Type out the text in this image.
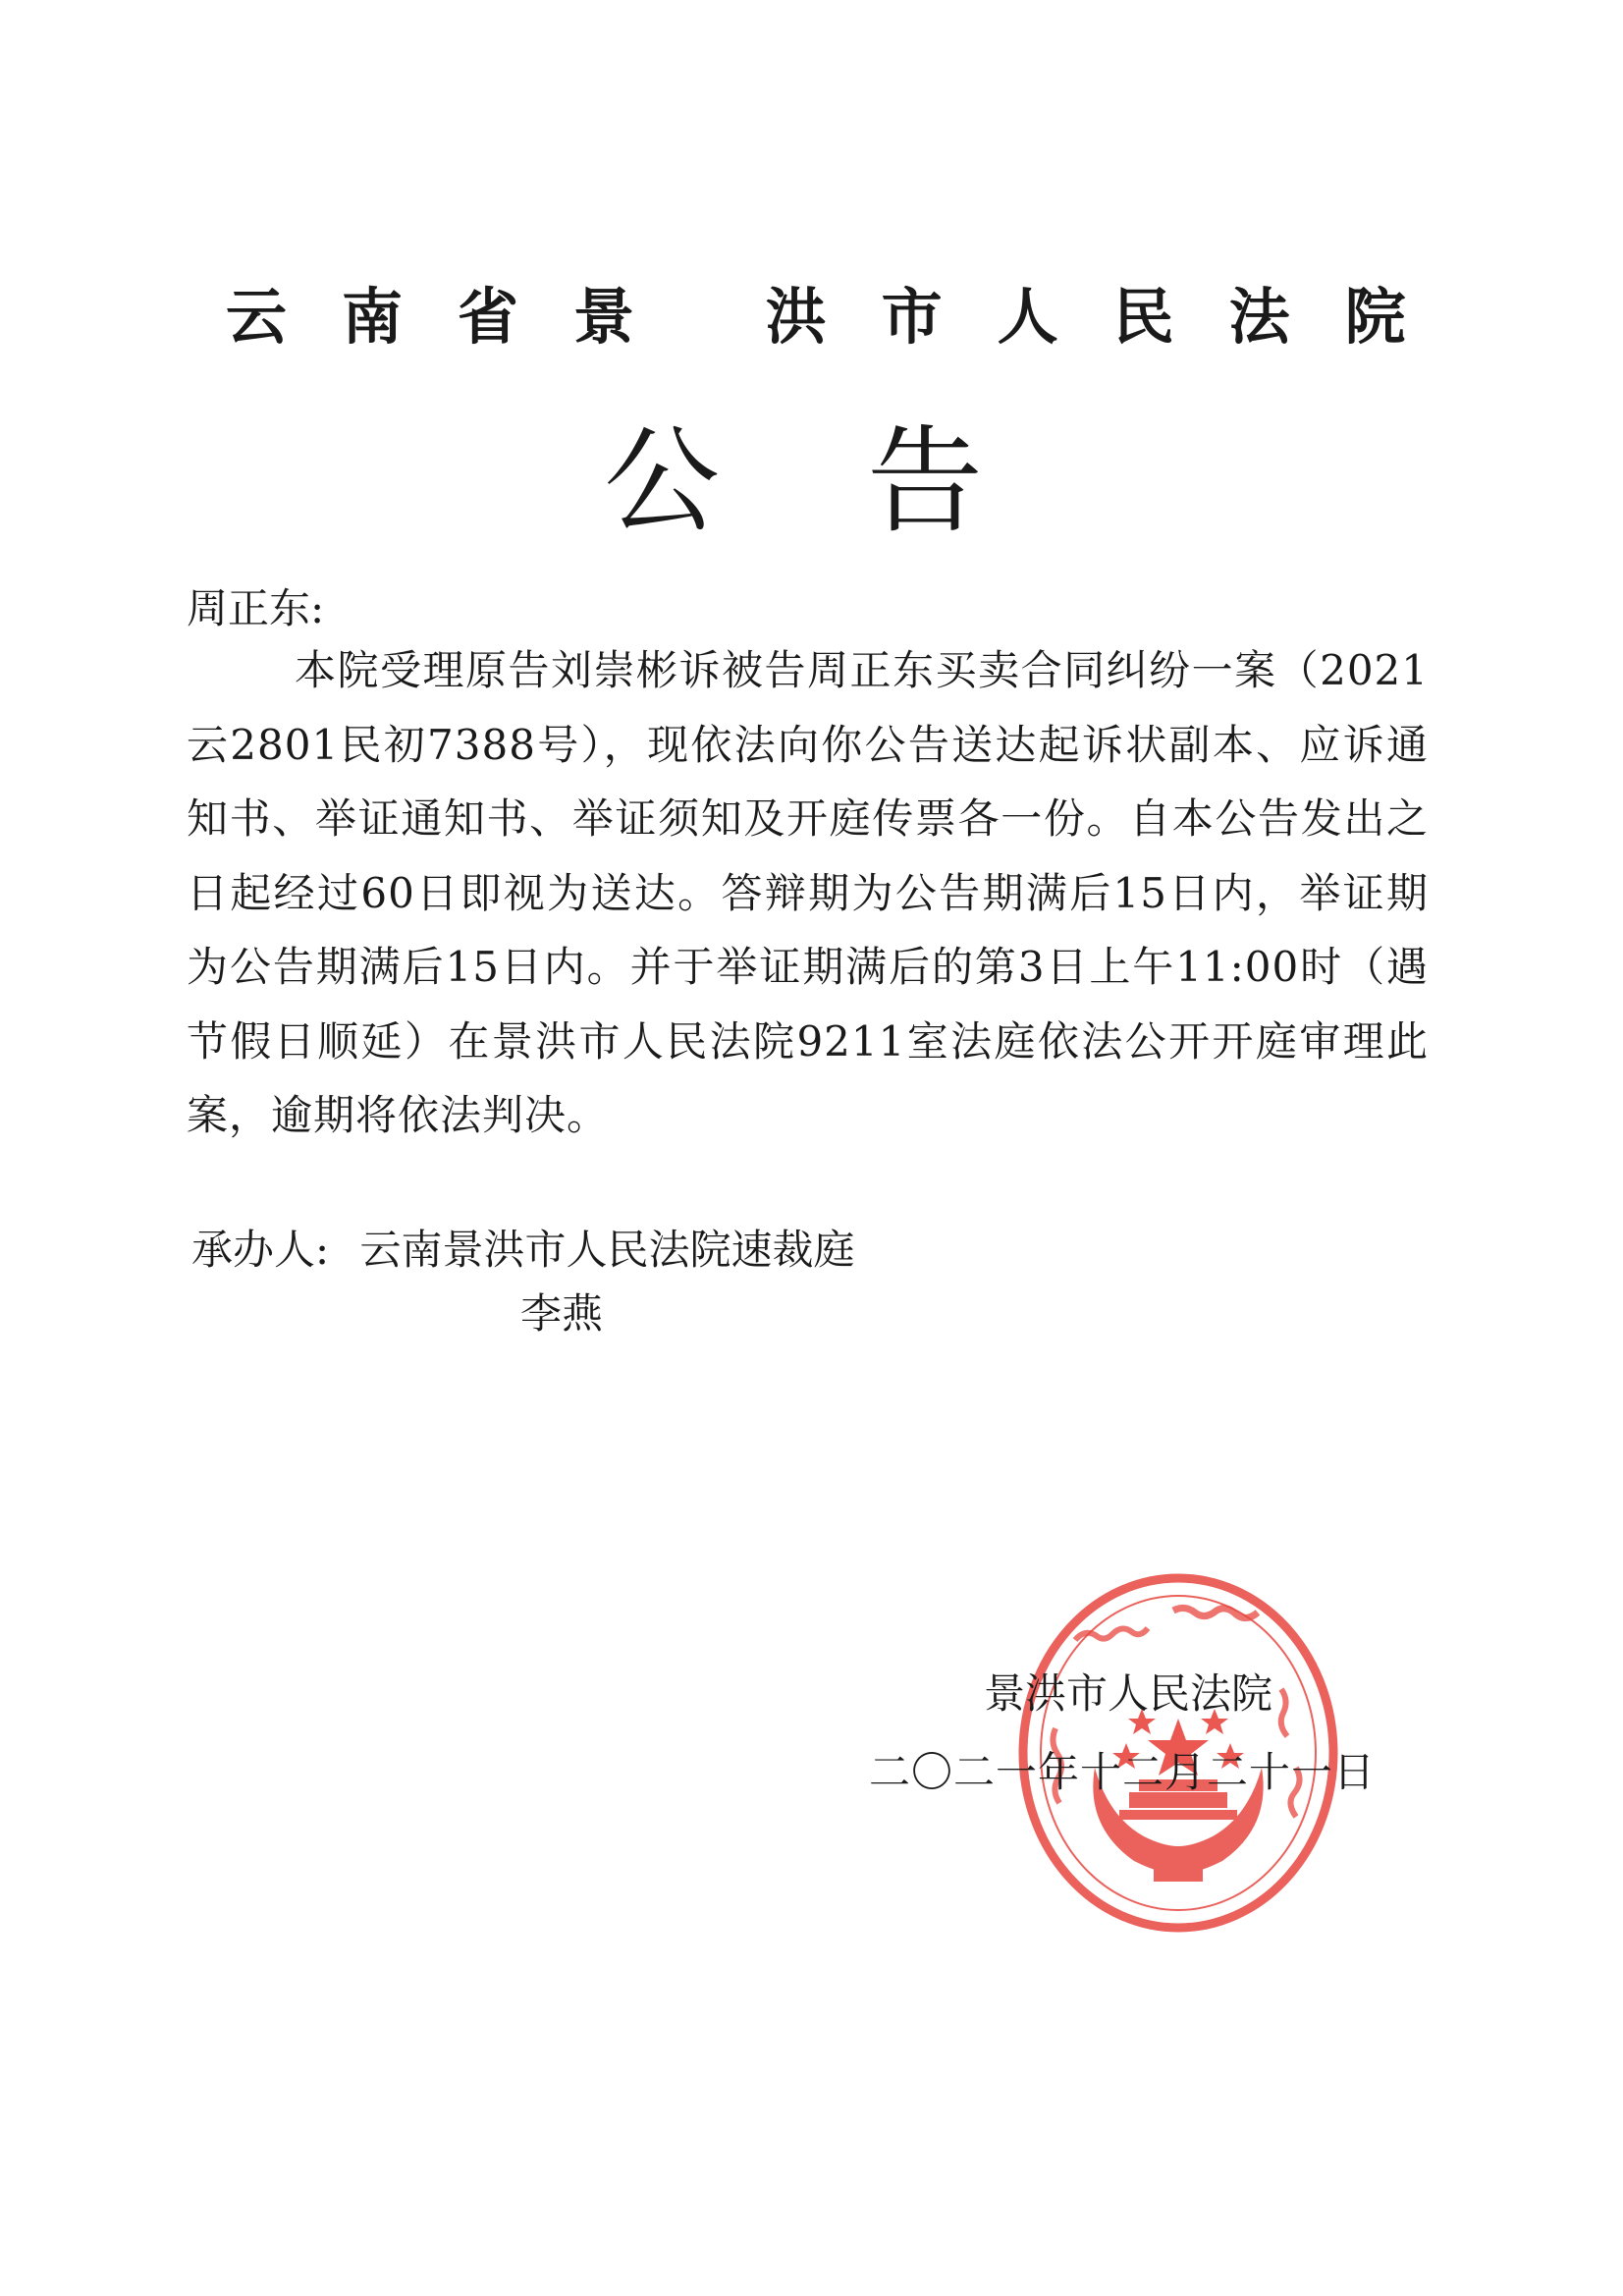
云南省景 洪市人民法院
公告
周正东:
本院受理原告刘崇彬诉被告周正东买卖合同纠纷一案（2021云2801民初7388号），现依法向你公告送达起诉状副本、应诉通知书、举证通知书、举证须知及开庭传票各一份。自本公告发出之日起经过60日即视为送达。答辩期为公告期满后15日内，举证期为公告期满后15日内。并于举证期满后的第3日上午11:00时（遇节假日顺延）在景洪市人民法院9211室法庭依法公开开庭审理此案，逾期将依法判决。
承办人: 云南景洪市人民法院速裁庭
李燕
景洪市人民法院
二〇二一年十二月二十一日
